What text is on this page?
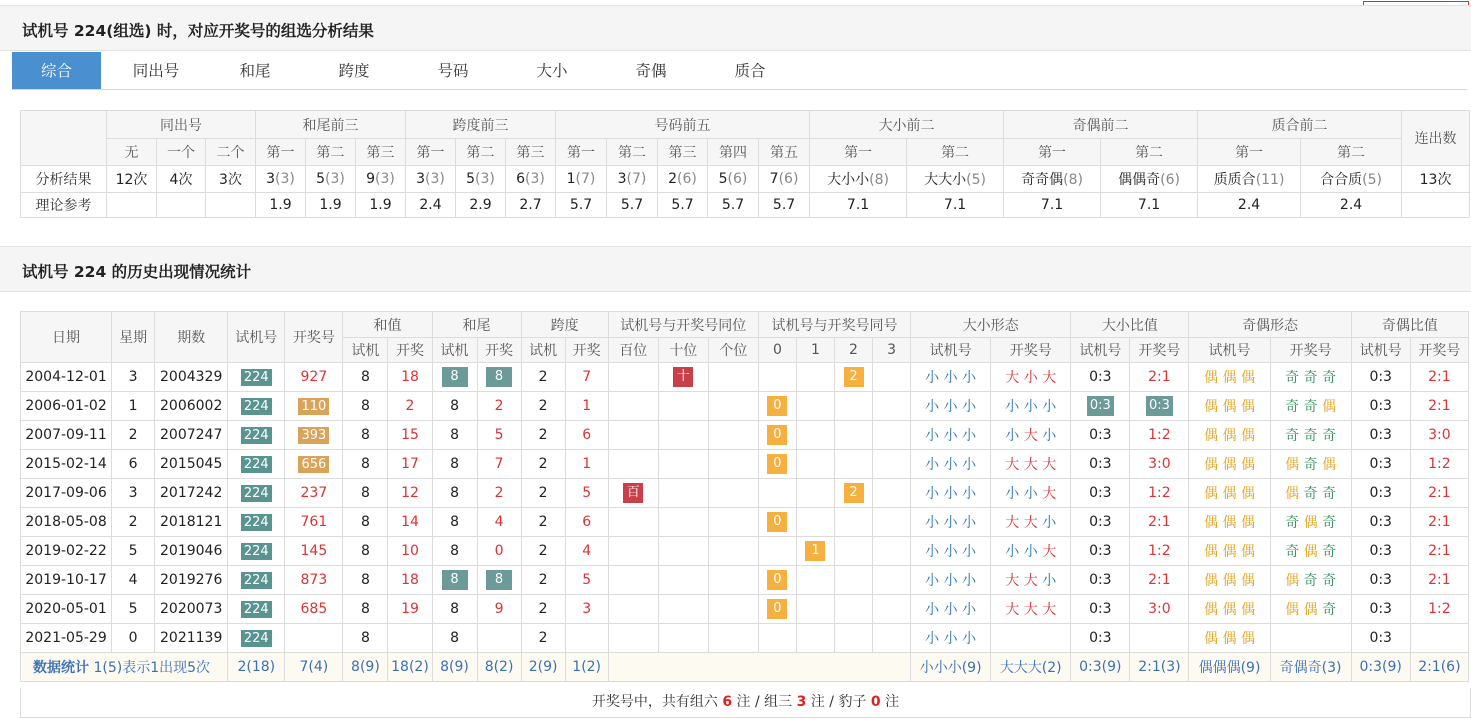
试机号 224(组选) 时，对应开奖号的组选分析结果
综合	同出号	和尾	跨度	号码	大小	奇偶	质合
	同出号			和尾前三			跨度前三			号码前五					大小前二		奇偶前二		质合前二		连出数
	无	一个	二个	第一	第二	第三	第一	第二	第三	第一	第二	第三	第四	第五	第一	第二	第一	第二	第一	第二	
分析结果	12次	4次	3次	3(3)	5(3)	9(3)	3(3)	5(3)	6(3)	1(7)	3(7)	2(6)	5(6)	7(6)	大小小(8)	大大小(5)	奇奇偶(8)	偶偶奇(6)	质质合(11)	合合质(5)	13次
理论参考				1.9	1.9	1.9	2.4	2.9	2.7	5.7	5.7	5.7	5.7	5.7	7.1	7.1	7.1	7.1	2.4	2.4	
试机号 224 的历史出现情况统计
日期	星期	期数	试机号	开奖号	和值		和尾		跨度		试机号与开奖号同位			试机号与开奖号同号				大小形态		大小比值		奇偶形态		奇偶比值	
					试机	开奖	试机	开奖	试机	开奖	百位	十位	个位	0	1	2	3	试机号	开奖号	试机号	开奖号	试机号	开奖号	试机号	开奖号
2004-12-01	3	2004329	224	927	8	18	8	8	2	7		十				2		小 小 小	大 小 大	0:3	2:1	偶 偶 偶	奇 奇 奇	0:3	2:1
2006-01-02	1	2006002	224	110	8	2	8	2	2	1				0				小 小 小	小 小 小	0:3	0:3	偶 偶 偶	奇 奇 偶	0:3	2:1
2007-09-11	2	2007247	224	393	8	15	8	5	2	6				0				小 小 小	小 大 小	0:3	1:2	偶 偶 偶	奇 奇 奇	0:3	3:0
2015-02-14	6	2015045	224	656	8	17	8	7	2	1				0				小 小 小	大 大 大	0:3	3:0	偶 偶 偶	偶 奇 偶	0:3	1:2
2017-09-06	3	2017242	224	237	8	12	8	2	2	5	百					2		小 小 小	小 小 大	0:3	1:2	偶 偶 偶	偶 奇 奇	0:3	2:1
2018-05-08	2	2018121	224	761	8	14	8	4	2	6				0				小 小 小	大 大 小	0:3	2:1	偶 偶 偶	奇 偶 奇	0:3	2:1
2019-02-22	5	2019046	224	145	8	10	8	0	2	4					1			小 小 小	小 小 大	0:3	1:2	偶 偶 偶	奇 偶 奇	0:3	2:1
2019-10-17	4	2019276	224	873	8	18	8	8	2	5				0				小 小 小	大 大 小	0:3	2:1	偶 偶 偶	偶 奇 奇	0:3	2:1
2020-05-01	5	2020073	224	685	8	19	8	9	2	3				0				小 小 小	大 大 大	0:3	3:0	偶 偶 偶	偶 偶 奇	0:3	1:2
2021-05-29	0	2021139	224		8		8		2									小 小 小		0:3		偶 偶 偶		0:3	
数据统计 1(5)表示1出现5次			2(18)	7(4)	8(9)	18(2)	8(9)	8(2)	2(9)	1(2)								小小小(9)	大大大(2)	0:3(9)	2:1(3)	偶偶偶(9)	奇偶奇(3)	0:3(9)	2:1(6)
开奖号中，共有组六 6 注 / 组三 3 注 / 豹子 0 注
